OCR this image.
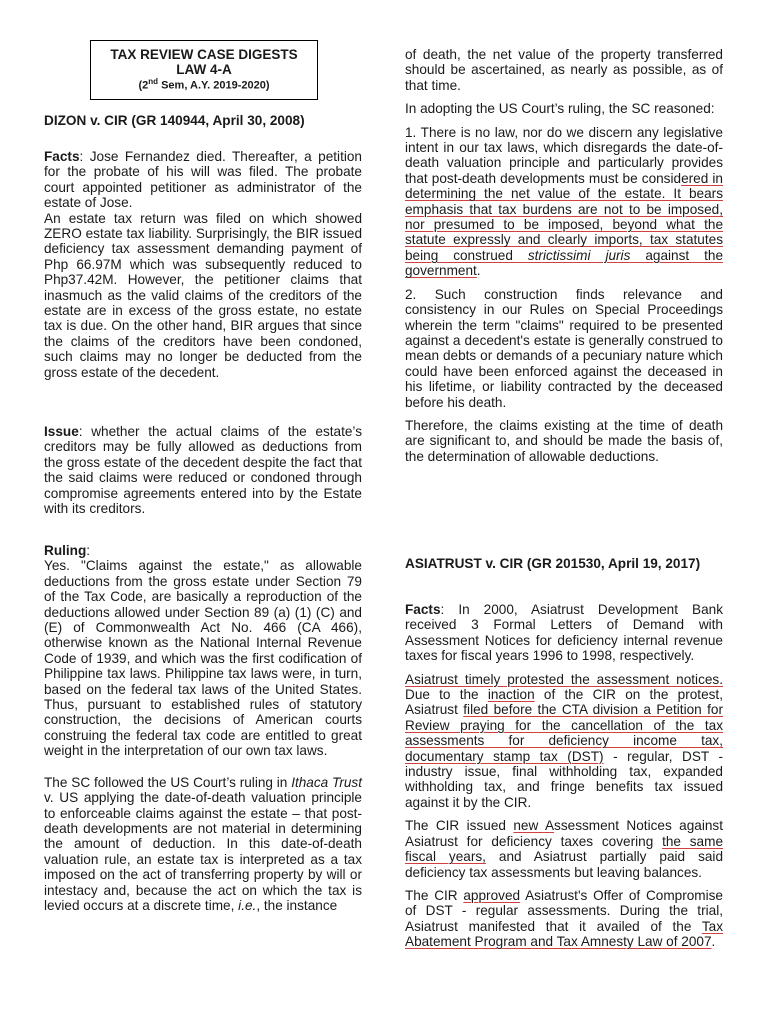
TAX REVIEW CASE DIGESTS
LAW 4-A
(2nd Sem, A.Y. 2019-2020)

DIZON v. CIR (GR 140944, April 30, 2008)

Facts: Jose Fernandez died. Thereafter, a petition for the probate of his will was filed. The probate court appointed petitioner as administrator of the estate of Jose.

An estate tax return was filed on which showed ZERO estate tax liability. Surprisingly, the BIR issued deficiency tax assessment demanding payment of Php 66.97M which was subsequently reduced to Php37.42M. However, the petitioner claims that inasmuch as the valid claims of the creditors of the estate are in excess of the gross estate, no estate tax is due. On the other hand, BIR argues that since the claims of the creditors have been condoned, such claims may no longer be deducted from the gross estate of the decedent.

Issue: whether the actual claims of the estate’s creditors may be fully allowed as deductions from the gross estate of the decedent despite the fact that the said claims were reduced or condoned through compromise agreements entered into by the Estate with its creditors.

Ruling:

Yes. "Claims against the estate," as allowable deductions from the gross estate under Section 79 of the Tax Code, are basically a reproduction of the deductions allowed under Section 89 (a) (1) (C) and (E) of Commonwealth Act No. 466 (CA 466), otherwise known as the National Internal Revenue Code of 1939, and which was the first codification of Philippine tax laws. Philippine tax laws were, in turn, based on the federal tax laws of the United States. Thus, pursuant to established rules of statutory construction, the decisions of American courts construing the federal tax code are entitled to great weight in the interpretation of our own tax laws.

The SC followed the US Court’s ruling in Ithaca Trust v. US applying the date-of-death valuation principle to enforceable claims against the estate – that post-death developments are not material in determining the amount of deduction. In this date-of-death valuation rule, an estate tax is interpreted as a tax imposed on the act of transferring property by will or intestacy and, because the act on which the tax is levied occurs at a discrete time, i.e., the instance

of death, the net value of the property transferred should be ascertained, as nearly as possible, as of that time.

In adopting the US Court’s ruling, the SC reasoned:

1. There is no law, nor do we discern any legislative intent in our tax laws, which disregards the date-of-death valuation principle and particularly provides that post-death developments must be considered in determining the net value of the estate. It bears emphasis that tax burdens are not to be imposed, nor presumed to be imposed, beyond what the statute expressly and clearly imports, tax statutes being construed strictissimi juris against the government.

2. Such construction finds relevance and consistency in our Rules on Special Proceedings wherein the term "claims" required to be presented against a decedent's estate is generally construed to mean debts or demands of a pecuniary nature which could have been enforced against the deceased in his lifetime, or liability contracted by the deceased before his death.

Therefore, the claims existing at the time of death are significant to, and should be made the basis of, the determination of allowable deductions.

ASIATRUST v. CIR (GR 201530, April 19, 2017)

Facts: In 2000, Asiatrust Development Bank received 3 Formal Letters of Demand with Assessment Notices for deficiency internal revenue taxes for fiscal years 1996 to 1998, respectively.

Asiatrust timely protested the assessment notices. Due to the inaction of the CIR on the protest, Asiatrust filed before the CTA division a Petition for Review praying for the cancellation of the tax assessments for deficiency income tax, documentary stamp tax (DST) - regular, DST - industry issue, final withholding tax, expanded withholding tax, and fringe benefits tax issued against it by the CIR.

The CIR issued new Assessment Notices against Asiatrust for deficiency taxes covering the same fiscal years, and Asiatrust partially paid said deficiency tax assessments but leaving balances.

The CIR approved Asiatrust's Offer of Compromise of DST - regular assessments. During the trial, Asiatrust manifested that it availed of the Tax Abatement Program and Tax Amnesty Law of 2007.
